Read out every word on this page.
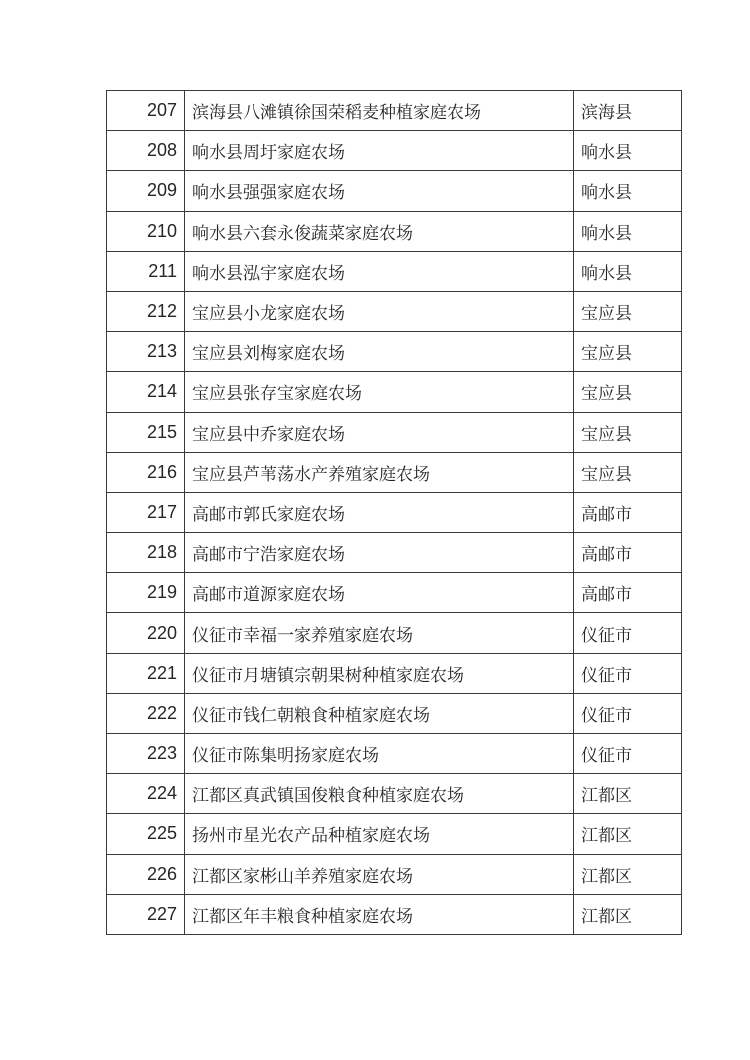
207	滨海县八滩镇徐国荣稻麦种植家庭农场	滨海县
208	响水县周圩家庭农场	响水县
209	响水县强强家庭农场	响水县
210	响水县六套永俊蔬菜家庭农场	响水县
211	响水县泓宇家庭农场	响水县
212	宝应县小龙家庭农场	宝应县
213	宝应县刘梅家庭农场	宝应县
214	宝应县张存宝家庭农场	宝应县
215	宝应县中乔家庭农场	宝应县
216	宝应县芦苇荡水产养殖家庭农场	宝应县
217	高邮市郭氏家庭农场	高邮市
218	高邮市宁浩家庭农场	高邮市
219	高邮市道源家庭农场	高邮市
220	仪征市幸福一家养殖家庭农场	仪征市
221	仪征市月塘镇宗朝果树种植家庭农场	仪征市
222	仪征市钱仁朝粮食种植家庭农场	仪征市
223	仪征市陈集明扬家庭农场	仪征市
224	江都区真武镇国俊粮食种植家庭农场	江都区
225	扬州市星光农产品种植家庭农场	江都区
226	江都区家彬山羊养殖家庭农场	江都区
227	江都区年丰粮食种植家庭农场	江都区
